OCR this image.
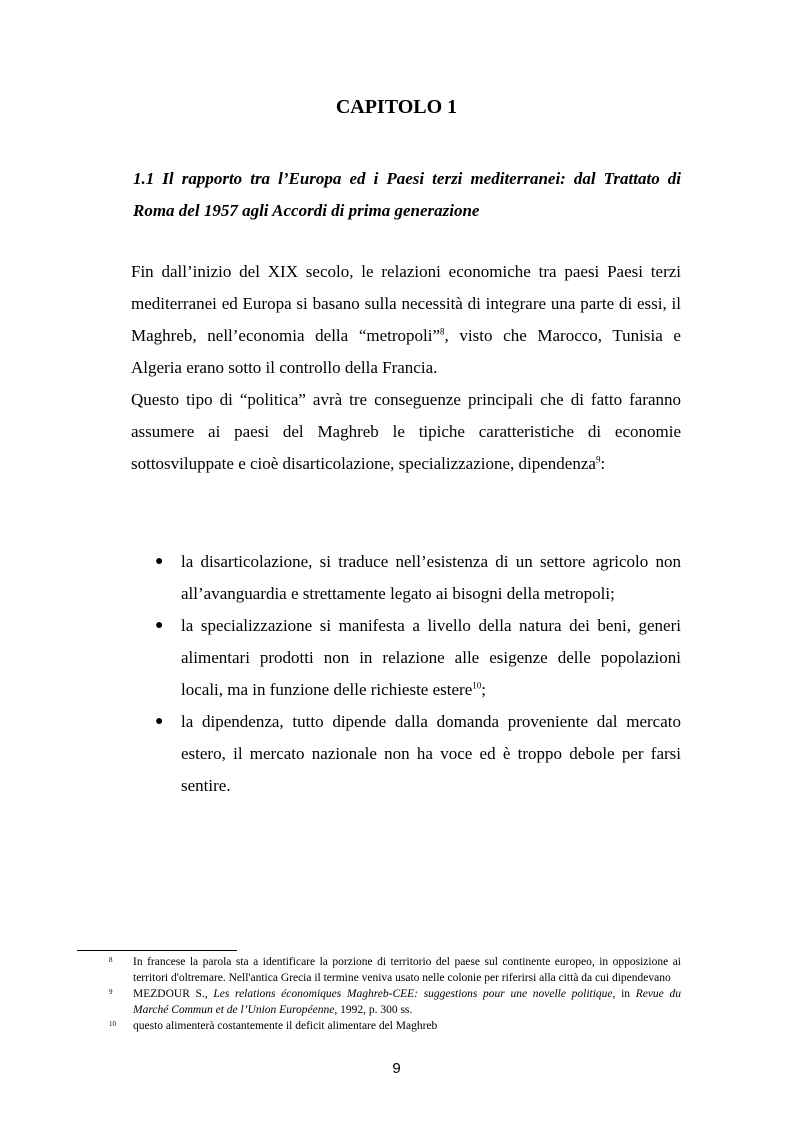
CAPITOLO 1
1.1 Il rapporto tra l’Europa ed i Paesi terzi mediterranei: dal Trattato di Roma del 1957 agli Accordi di prima generazione

Fin dall’inizio del XIX secolo, le relazioni economiche tra paesi Paesi terzi mediterranei ed Europa si basano sulla necessità di integrare una parte di essi, il Maghreb, nell’economia della “metropoli”$^8$, visto che Marocco, Tunisia e Algeria erano sotto il controllo della Francia.

Questo tipo di “politica” avrà tre conseguenze principali che di fatto faranno assumere ai paesi del Maghreb le tipiche caratteristiche di economie sottosviluppate e cioè disarticolazione, specializzazione, dipendenza$^9$:

● la disarticolazione, si traduce nell’esistenza di un settore agricolo non all’avanguardia e strettamente legato ai bisogni della metropoli;
● la specializzazione si manifesta a livello della natura dei beni, generi alimentari prodotti non in relazione alle esigenze delle popolazioni locali, ma in funzione delle richieste estere$^{10}$;
● la dipendenza, tutto dipende dalla domanda proveniente dal mercato estero, il mercato nazionale non ha voce ed è troppo debole per farsi sentire.

8 In francese la parola sta a identificare la porzione di territorio del paese sul continente europeo, in opposizione ai territori d'oltremare. Nell'antica Grecia il termine veniva usato nelle colonie per riferirsi alla città da cui dipendevano

9 MEZDOUR S., Les relations économiques Maghreb-CEE: suggestions pour une novelle politique, in Revue du     Marché Commun et de l’Union Européenne, 1992, p. 300 ss.

10 questo alimenterà costantemente il deficit alimentare del Maghreb

9
